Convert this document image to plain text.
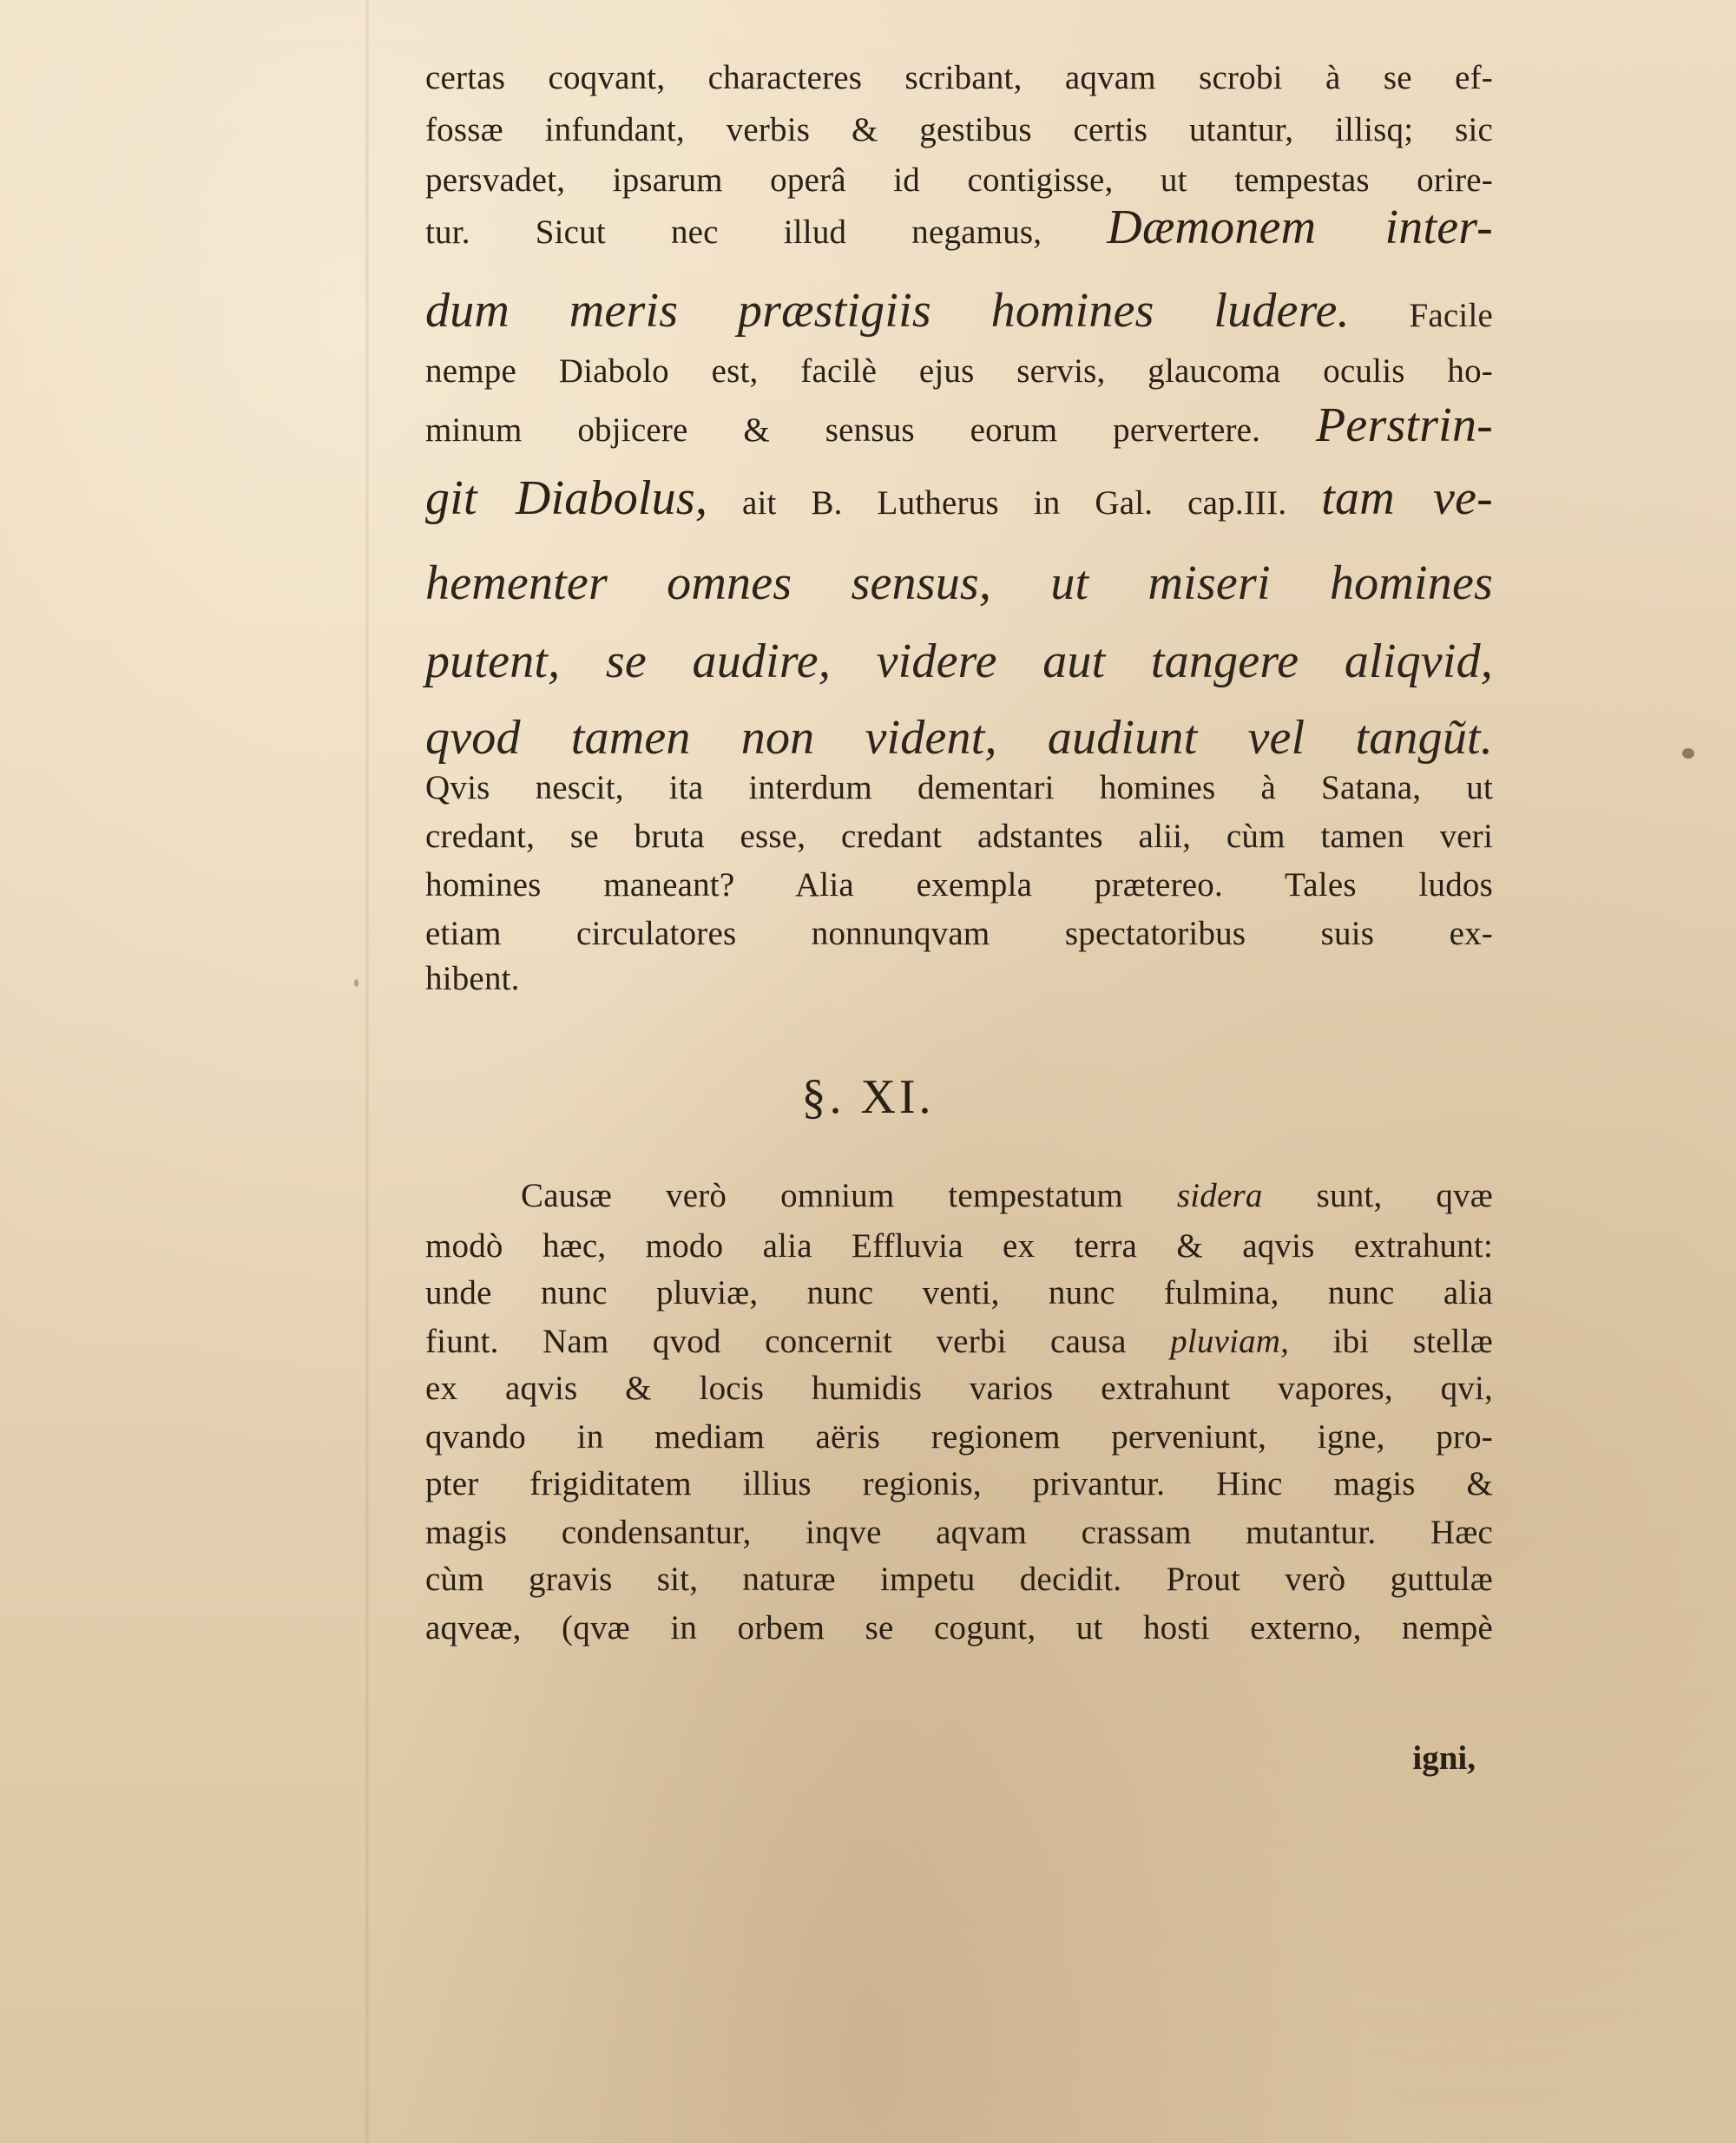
certas coqvant, characteres scribant, aqvam scrobi à se ef-
fossæ infundant, verbis & gestibus certis utantur, illisq; sic
persvadet, ipsarum operâ id contigisse, ut tempestas orire-
tur. Sicut nec illud negamus, Dæmonem inter-
dum meris præstigiis homines ludere. Facile
nempe Diabolo est, facilè ejus servis, glaucoma oculis ho-
minum objicere & sensus eorum pervertere. Perstrin-
git Diabolus, ait B. Lutherus in Gal. cap.III. tam ve-
hementer omnes sensus, ut miseri homines
putent, se audire, videre aut tangere aliqvid,
qvod tamen non vident, audiunt vel tangũt.
Qvis nescit, ita interdum dementari homines à Satana, ut
credant, se bruta esse, credant adstantes alii, cùm tamen veri
homines maneant? Alia exempla prætereo. Tales ludos
etiam circulatores nonnunqvam spectatoribus suis ex-
hibent.
§. XI.
Causæ verò omnium tempestatum sidera sunt, qvæ
modò hæc, modo alia Effluvia ex terra & aqvis extrahunt:
unde nunc pluviæ, nunc venti, nunc fulmina, nunc alia
fiunt. Nam qvod concernit verbi causa pluviam, ibi stellæ
ex aqvis & locis humidis varios extrahunt vapores, qvi,
qvando in mediam aëris regionem perveniunt, igne, pro-
pter frigiditatem illius regionis, privantur. Hinc magis &
magis condensantur, inqve aqvam crassam mutantur. Hæc
cùm gravis sit, naturæ impetu decidit. Prout verò guttulæ
aqveæ, (qvæ in orbem se cogunt, ut hosti externo, nempè
igni,
